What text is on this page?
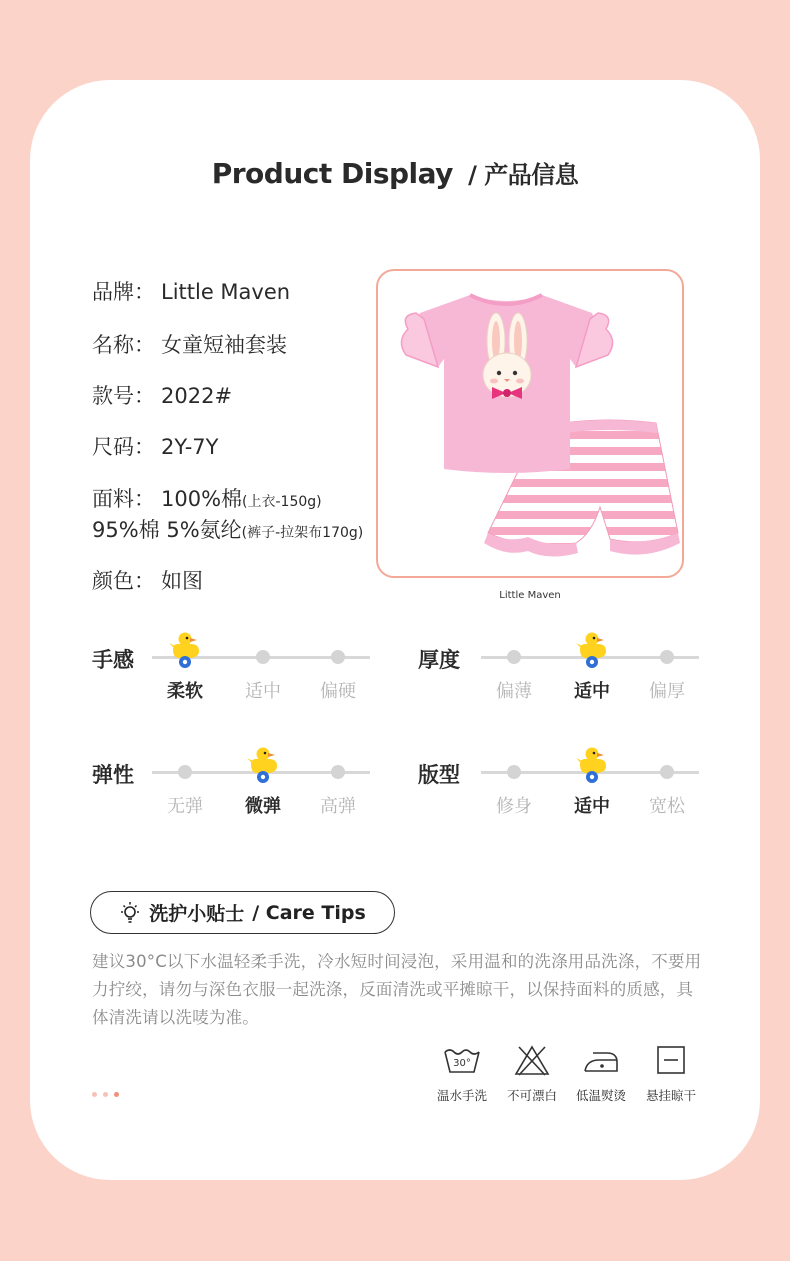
Product Display / 产品信息
品牌： Little Maven
名称： 女童短袖套装
款号： 2022#
尺码： 2Y-7Y
面料： 100%棉(上衣-150g)
95%棉 5%氨纶(裤子-拉架布170g)
颜色： 如图
Little Maven
手感
柔软	适中	偏硬
厚度
偏薄	适中	偏厚
弹性
无弹	微弹	高弹
版型
修身	适中	宽松
洗护小贴士 / Care Tips
建议30°C以下水温轻柔手洗，冷水短时间浸泡，采用温和的洗涤用品洗涤，不要用力拧绞，请勿与深色衣服一起洗涤，反面清洗或平摊晾干，以保持面料的质感，具体清洗请以洗唛为准。
30°
温水手洗	不可漂白	低温熨烫	悬挂晾干
